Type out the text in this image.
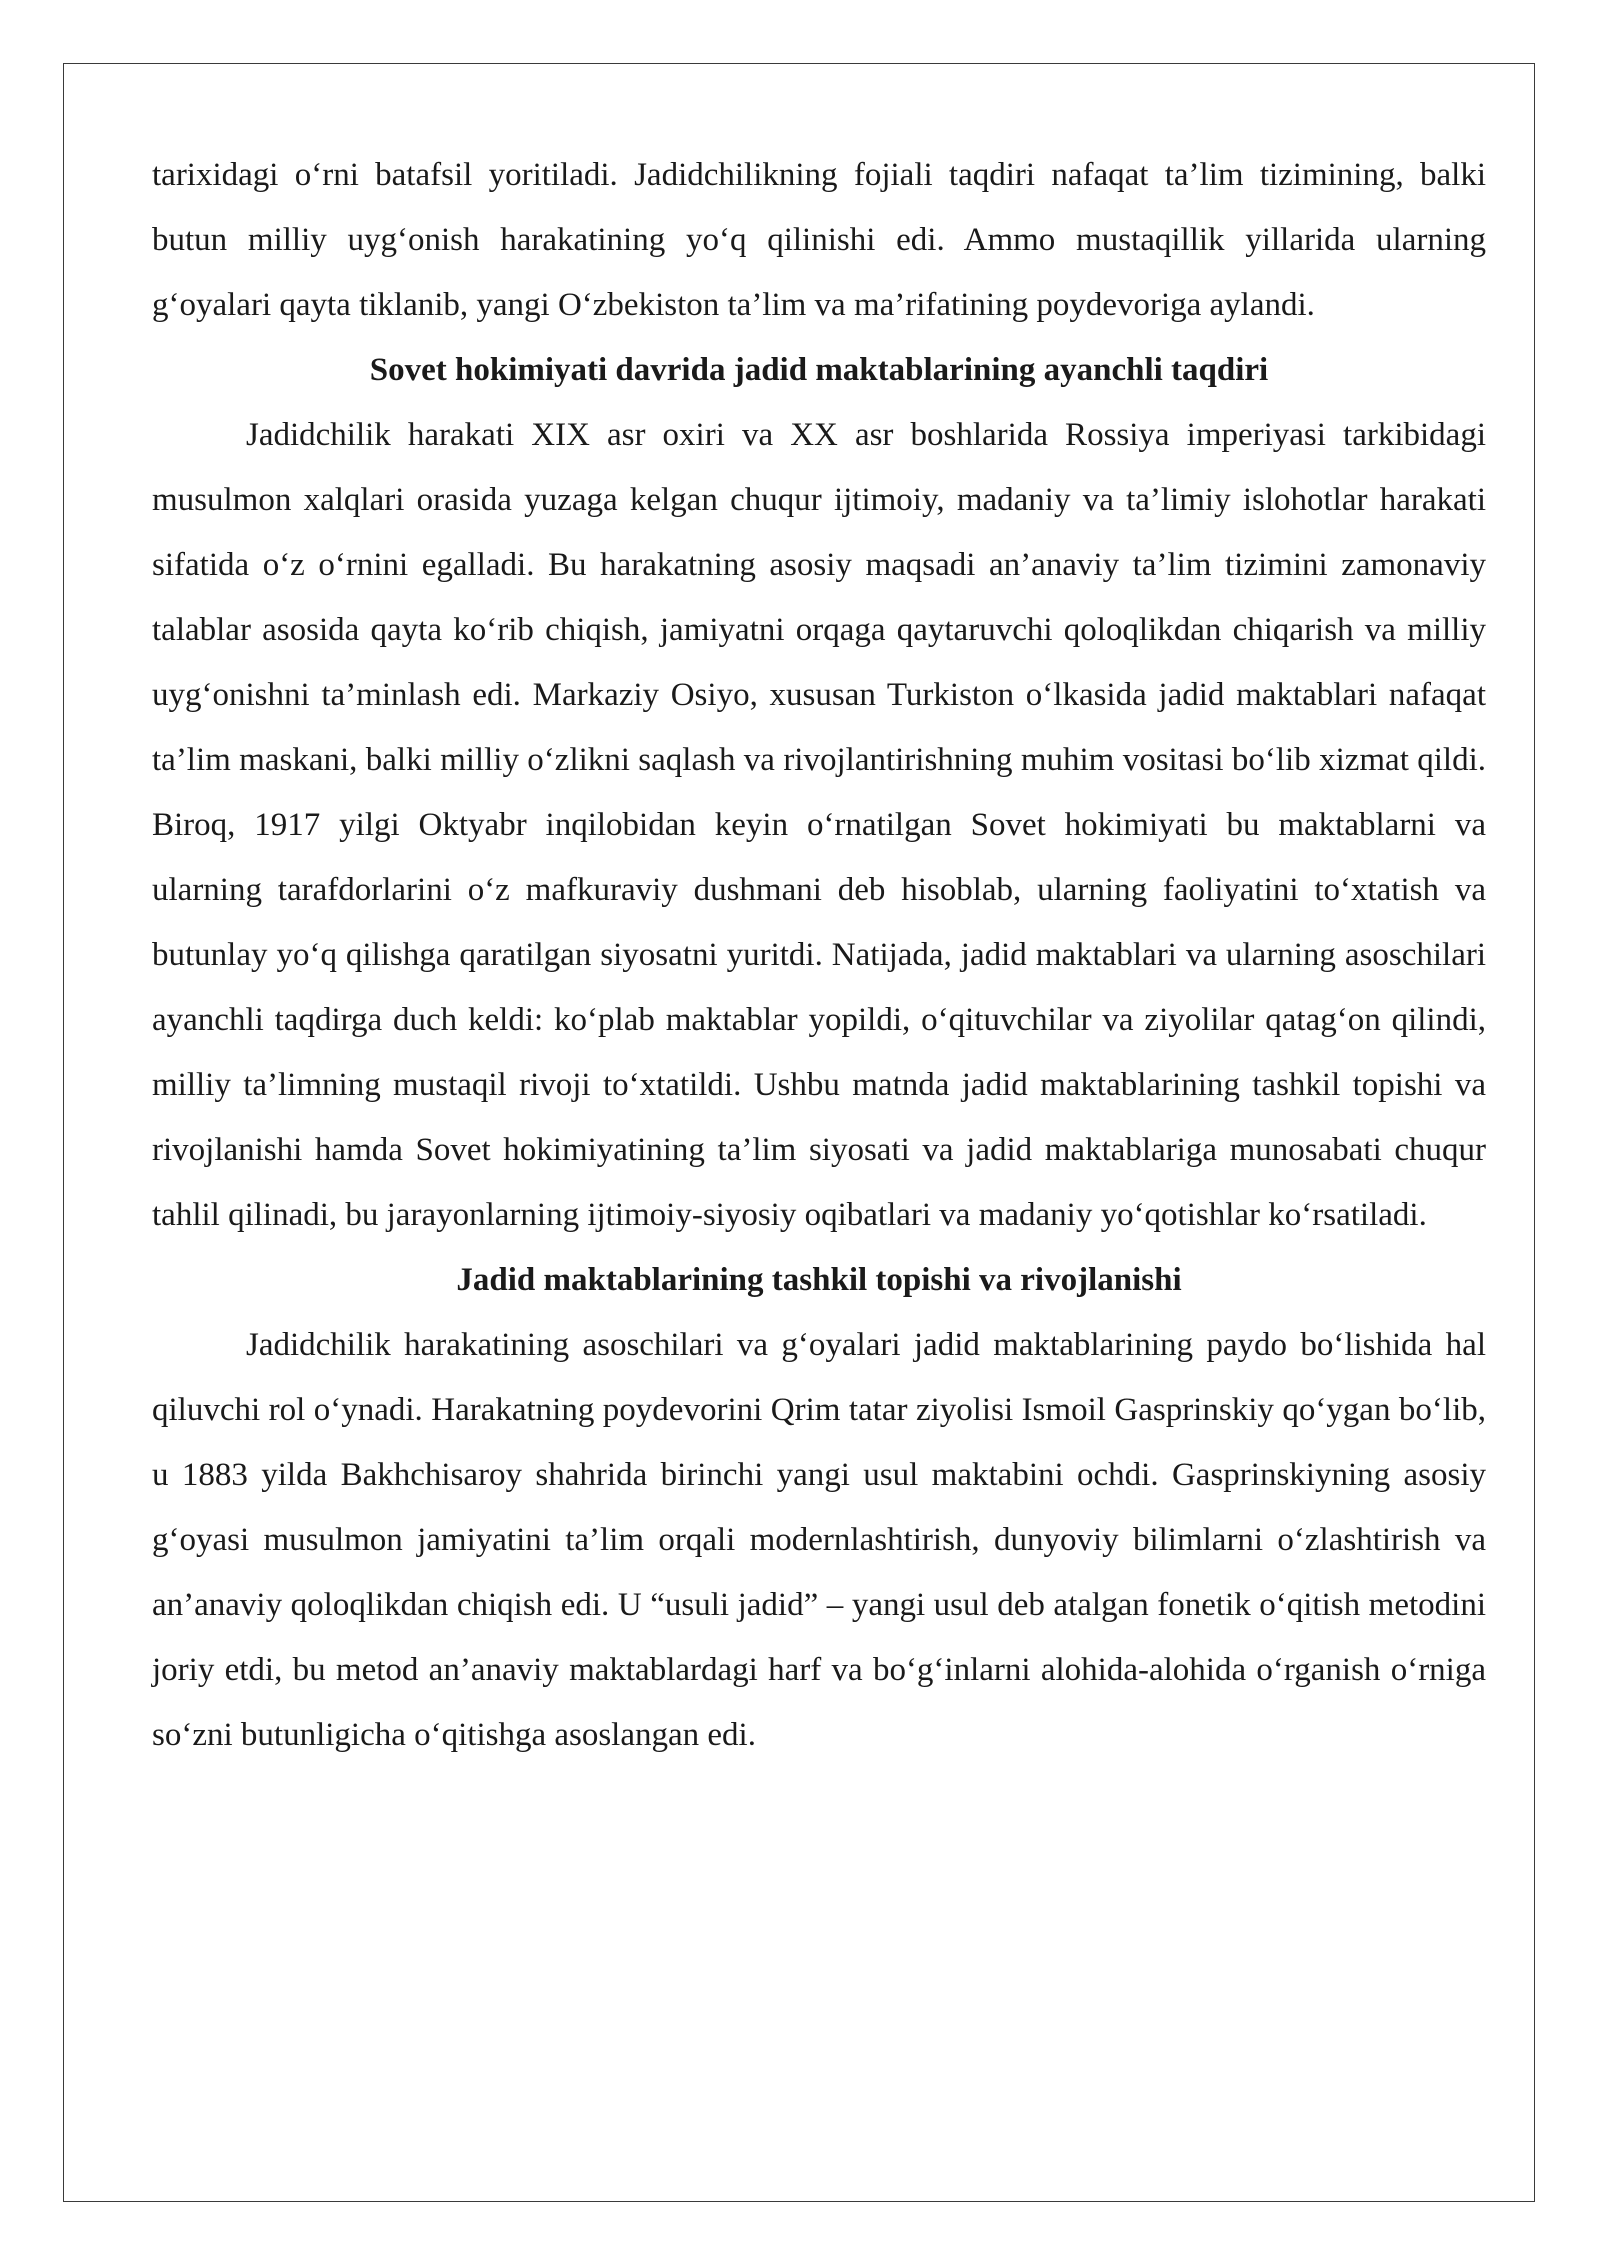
tarixidagi o‘rni batafsil yoritiladi. Jadidchilikning fojiali taqdiri nafaqat ta’lim tizimining, balki butun milliy uyg‘onish harakatining yo‘q qilinishi edi. Ammo mustaqillik yillarida ularning g‘oyalari qayta tiklanib, yangi O‘zbekiston ta’lim va ma’rifatining poydevoriga aylandi.

Sovet hokimiyati davrida jadid maktablarining ayanchli taqdiri

Jadidchilik harakati XIX asr oxiri va XX asr boshlarida Rossiya imperiyasi tarkibidagi musulmon xalqlari orasida yuzaga kelgan chuqur ijtimoiy, madaniy va ta’limiy islohotlar harakati sifatida o‘z o‘rnini egalladi. Bu harakatning asosiy maqsadi an’anaviy ta’lim tizimini zamonaviy talablar asosida qayta ko‘rib chiqish, jamiyatni orqaga qaytaruvchi qoloqlikdan chiqarish va milliy uyg‘onishni ta’minlash edi. Markaziy Osiyo, xususan Turkiston o‘lkasida jadid maktablari nafaqat ta’lim maskani, balki milliy o‘zlikni saqlash va rivojlantirishning muhim vositasi bo‘lib xizmat qildi. Biroq, 1917 yilgi Oktyabr inqilobidan keyin o‘rnatilgan Sovet hokimiyati bu maktablarni va ularning tarafdorlarini o‘z mafkuraviy dushmani deb hisoblab, ularning faoliyatini to‘xtatish va butunlay yo‘q qilishga qaratilgan siyosatni yuritdi. Natijada, jadid maktablari va ularning asoschilari ayanchli taqdirga duch keldi: ko‘plab maktablar yopildi, o‘qituvchilar va ziyolilar qatag‘on qilindi, milliy ta’limning mustaqil rivoji to‘xtatildi. Ushbu matnda jadid maktablarining tashkil topishi va rivojlanishi hamda Sovet hokimiyatining ta’lim siyosati va jadid maktablariga munosabati chuqur tahlil qilinadi, bu jarayonlarning ijtimoiy-siyosiy oqibatlari va madaniy yo‘qotishlar ko‘rsatiladi.

Jadid maktablarining tashkil topishi va rivojlanishi

Jadidchilik harakatining asoschilari va g‘oyalari jadid maktablarining paydo bo‘lishida hal qiluvchi rol o‘ynadi. Harakatning poydevorini Qrim tatar ziyolisi Ismoil Gasprinskiy qo‘ygan bo‘lib, u 1883 yilda Bakhchisaroy shahrida birinchi yangi usul maktabini ochdi. Gasprinskiyning asosiy g‘oyasi musulmon jamiyatini ta’lim orqali modernlashtirish, dunyoviy bilimlarni o‘zlashtirish va an’anaviy qoloqlikdan chiqish edi. U “usuli jadid” – yangi usul deb atalgan fonetik o‘qitish metodini joriy etdi, bu metod an’anaviy maktablardagi harf va bo‘g‘inlarni alohida-alohida o‘rganish o‘rniga so‘zni butunligicha o‘qitishga asoslangan edi.
